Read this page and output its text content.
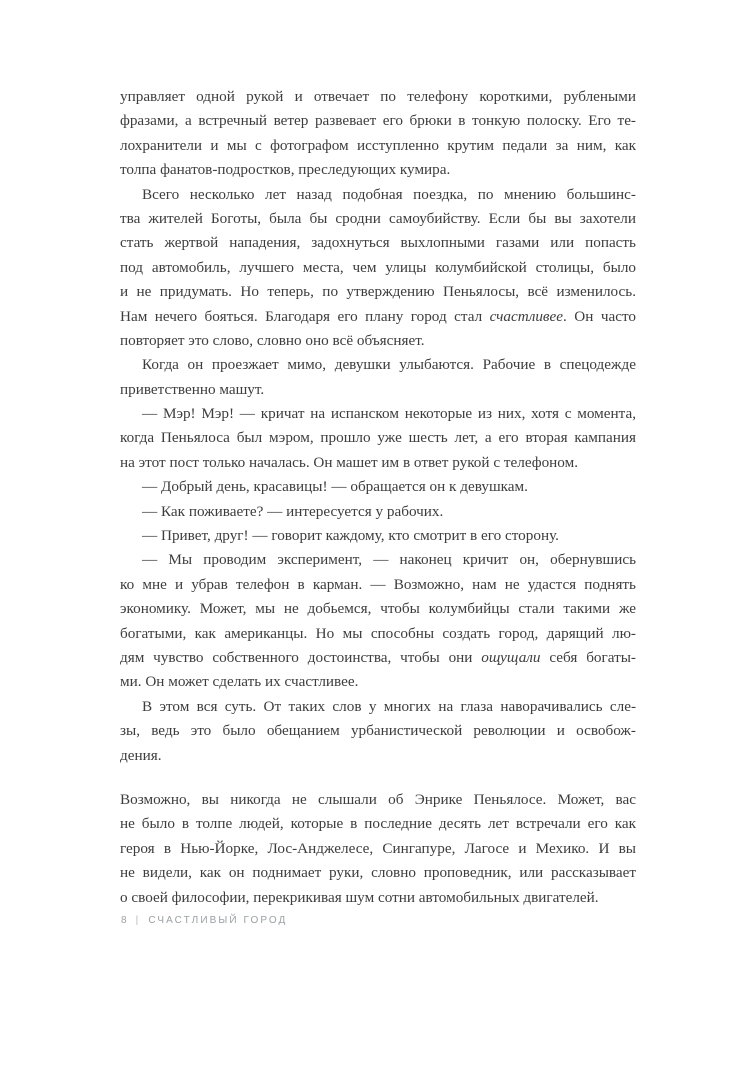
управляет одной рукой и отвечает по телефону короткими, рублеными
фразами, а встречный ветер развевает его брюки в тонкую полоску. Его те-
лохранители и мы с фотографом исступленно крутим педали за ним, как
толпа фанатов-подростков, преследующих кумира.
Всего несколько лет назад подобная поездка, по мнению большинс-
тва жителей Боготы, была бы сродни самоубийству. Если бы вы захотели
стать жертвой нападения, задохнуться выхлопными газами или попасть
под автомобиль, лучшего места, чем улицы колумбийской столицы, было
и не придумать. Но теперь, по утверждению Пеньялосы, всё изменилось.
Нам нечего бояться. Благодаря его плану город стал счастливее. Он часто
повторяет это слово, словно оно всё объясняет.
Когда он проезжает мимо, девушки улыбаются. Рабочие в спецодежде
приветственно машут.
— Мэр! Мэр! — кричат на испанском некоторые из них, хотя с момента,
когда Пеньялоса был мэром, прошло уже шесть лет, а его вторая кампания
на этот пост только началась. Он машет им в ответ рукой с телефоном.
— Добрый день, красавицы! — обращается он к девушкам.
— Как поживаете? — интересуется у рабочих.
— Привет, друг! — говорит каждому, кто смотрит в его сторону.
— Мы проводим эксперимент, — наконец кричит он, обернувшись
ко мне и убрав телефон в карман. — Возможно, нам не удастся поднять
экономику. Может, мы не добьемся, чтобы колумбийцы стали такими же
богатыми, как американцы. Но мы способны создать город, дарящий лю-
дям чувство собственного достоинства, чтобы они ощущали себя богаты-
ми. Он может сделать их счастливее.
В этом вся суть. От таких слов у многих на глаза наворачивались сле-
зы, ведь это было обещанием урбанистической революции и освобож-
дения.
Возможно, вы никогда не слышали об Энрике Пеньялосе. Может, вас
не было в толпе людей, которые в последние десять лет встречали его как
героя в Нью-Йорке, Лос-Анджелесе, Сингапуре, Лагосе и Мехико. И вы
не видели, как он поднимает руки, словно проповедник, или рассказывает
о своей философии, перекрикивая шум сотни автомобильных двигателей.
8 | СЧАСТЛИВЫЙ ГОРОД
